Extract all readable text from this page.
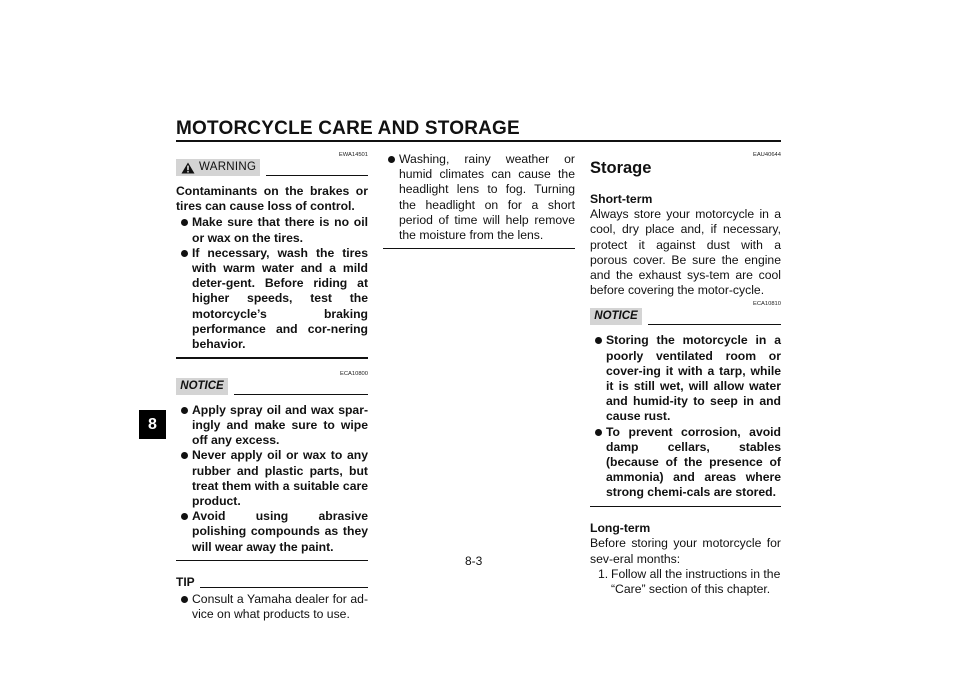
MOTORCYCLE CARE AND STORAGE
8
EWA14501
WARNING

Contaminants on the brakes or tires can cause loss of control.

Make sure that there is no oil or wax on the tires.
If necessary, wash the tires with warm water and a mild deter-gent. Before riding at higher speeds, test the motorcycle’s braking performance and cor-nering behavior.
ECA10800
NOTICE
Apply spray oil and wax spar-ingly and make sure to wipe off any excess.
Never apply oil or wax to any rubber and plastic parts, but treat them with a suitable care product.
Avoid using abrasive polishing compounds as they will wear away the paint.
TIP
Consult a Yamaha dealer for ad-vice on what products to use.
Washing, rainy weather or humid climates can cause the headlight lens to fog. Turning the headlight on for a short period of time will help remove the moisture from the lens.
EAU40644
Storage

Short-term

Always store your motorcycle in a cool, dry place and, if necessary, protect it against dust with a porous cover. Be sure the engine and the exhaust sys-tem are cool before covering the motor-cycle.

ECA10810
NOTICE
Storing the motorcycle in a poorly ventilated room or cover-ing it with a tarp, while it is still wet, will allow water and humid-ity to seep in and cause rust.
To prevent corrosion, avoid damp cellars, stables (because of the presence of ammonia) and areas where strong chemi-cals are stored.

Long-term

Before storing your motorcycle for sev-eral months:

1. Follow all the instructions in the “Care” section of this chapter.
8-3
